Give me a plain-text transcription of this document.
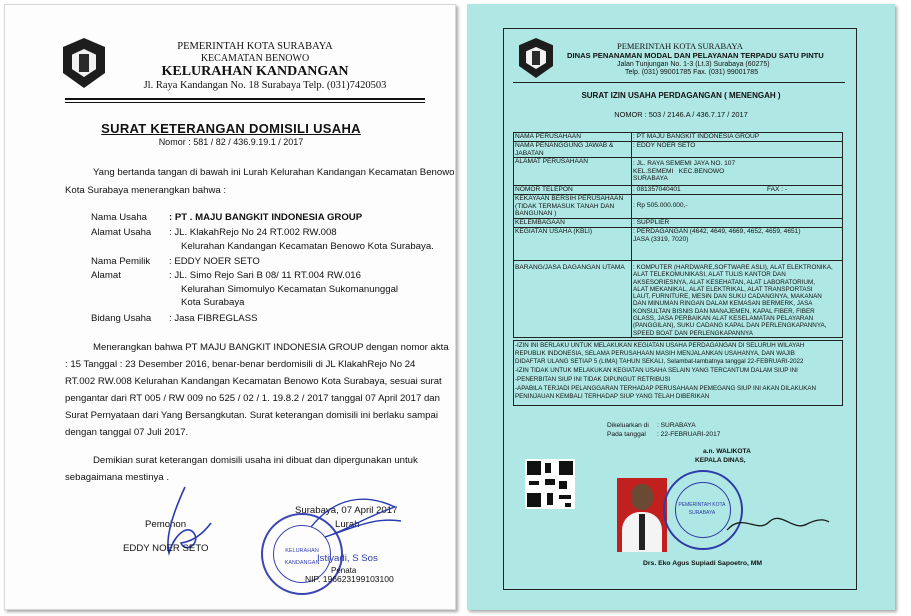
PEMERINTAH KOTA SURABAYA
KECAMATAN BENOWO
KELURAHAN KANDANGAN
Jl. Raya Kandangan No. 18 Surabaya Telp. (031)7420503
SURAT KETERANGAN DOMISILI USAHA
Nomor : 581 / 82 / 436.9.19.1 / 2017
Yang bertanda tangan di bawah ini Lurah Kelurahan Kandangan Kecamatan Benowo
Kota Surabaya menerangkan bahwa :
Nama Usaha : PT . MAJU BANGKIT INDONESIA GROUP
Alamat Usaha : JL. KlakahRejo No 24 RT.002 RW.008
Kelurahan Kandangan Kecamatan Benowo Kota Surabaya.
Nama Pemilik : EDDY NOER SETO
Alamat	: JL. Simo Rejo Sari B 08/ 11 RT.004 RW.016
Kelurahan Simomulyo Kecamatan Sukomanunggal
Kota Surabaya
Bidang Usaha : Jasa FIBREGLASS
Menerangkan bahwa PT MAJU BANGKIT INDONESIA GROUP dengan nomor akta
: 15 Tanggal : 23 Desember 2016, benar-benar berdomisili di JL KlakahRejo No 24
RT.002 RW.008 Kelurahan Kandangan Kecamatan Benowo Kota Surabaya, sesuai surat
pengantar dari RT 005 / RW 009 no 525 / 02 / 1. 19.8.2 / 2017 tanggal 07 April 2017 dan
Surat Pernyataan dari Yang Bersangkutan. Surat keterangan domisili ini berlaku sampai
dengan tanggal 07 Juli 2017.
Demikian surat keterangan domisili usaha ini dibuat dan dipergunakan untuk
sebagaimana mestinya .
Surabaya, 07 April 2017
Lurah
Pemohon
EDDY NOER SETO	KELURAHAN KANDANGAN
Istiyadi, S Sos
Penata
NIP. 196623199103100
PEMERINTAH KOTA SURABAYA
DINAS PENANAMAN MODAL DAN PELAYANAN TERPADU SATU PINTU
Jalan Tunjungan No. 1-3 (Lt.3) Surabaya (60275)
Telp. (031) 99001785 Fax. (031) 99001785
SURAT IZIN USAHA PERDAGANGAN ( MENENGAH )
NOMOR : 503 / 2146.A / 436.7.17 / 2017
NAMA PERUSAHAAN	: PT MAJU BANGKIT INDONESIA GROUP
NAMA PENANGGUNG JAWAB & JABATAN
: EDDY NOER SETO
ALAMAT PERUSAHAAN	: JL. RAYA SEMEMI JAYA NO. 107
KEL.SEMEMI   KEC.BENOWO
SURABAYA
NOMOR TELEPON	: 081357040401	FAX : -
KEKAYAAN BERSIH PERUSAHAAN (TIDAK TERMASUK TANAH DAN BANGUNAN )
: Rp 505.000.000,-
KELEMBAGAAN	: SUPPLIER
KEGIATAN USAHA (KBLI)	: PERDAGANGAN (4642, 4649, 4669, 4652, 4659, 4651)
JASA (3319, 7020)
BARANG/JASA DAGANGAN UTAMA : KOMPUTER (HARDWARE,SOFTWARE ASLI), ALAT ELEKTRONIKA,
ALAT TELEKOMUNIKASI, ALAT TULIS KANTOR DAN
AKSESORIESNYA, ALAT KESEHATAN, ALAT LABORATORIUM,
ALAT MEKANIKAL, ALAT ELEKTRIKAL, ALAT TRANSPORTASI
LAUT, FURNITURE, MESIN DAN SUKU CADANGNYA, MAKANAN
DAN MINUMAN RINGAN DALAM KEMASAN BERMERK, JASA
KONSULTAN BISNIS DAN MANAJEMEN, KAPAL FIBER, FIBER
GLASS, JASA PERBAIKAN ALAT KESELAMATAN PELAYARAN
(PANGGILAN), SUKU CADANG KAPAL DAN PERLENGKAPANNYA,
SPEED BOAT DAN PERLENGKAPANNYA
-IZIN INI BERLAKU UNTUK MELAKUKAN KEGIATAN USAHA PERDAGANGAN DI SELURUH WILAYAH
REPUBLIK INDONESIA, SELAMA PERUSAHAAN MASIH MENJALANKAN USAHANYA, DAN WAJIB
DIDAFTAR ULANG SETIAP 5 (LIMA) TAHUN SEKALI, Selambat-lambatnya tanggal 22-FEBRUARI-2022
-IZIN TIDAK UNTUK MELAKUKAN KEGIATAN USAHA SELAIN YANG TERCANTUM DALAM SIUP INI
-PENERBITAN SIUP INI TIDAK DIPUNGUT RETRIBUSI
-APABILA TERJADI PELANGGARAN TERHADAP PERUSAHAAN PEMEGANG SIUP INI AKAN DILAKUKAN
PENINJAUAN KEMBALI TERHADAP SIUP YANG TELAH DIBERIKAN
Dikeluarkan di : SURABAYA
Pada tanggal : 22-FEBRUARI-2017
a.n. WALIKOTA
KEPALA DINAS,
PEMERINTAH KOTA SURABAYA
Drs. Eko Agus Supiadi Sapoetro, MM
